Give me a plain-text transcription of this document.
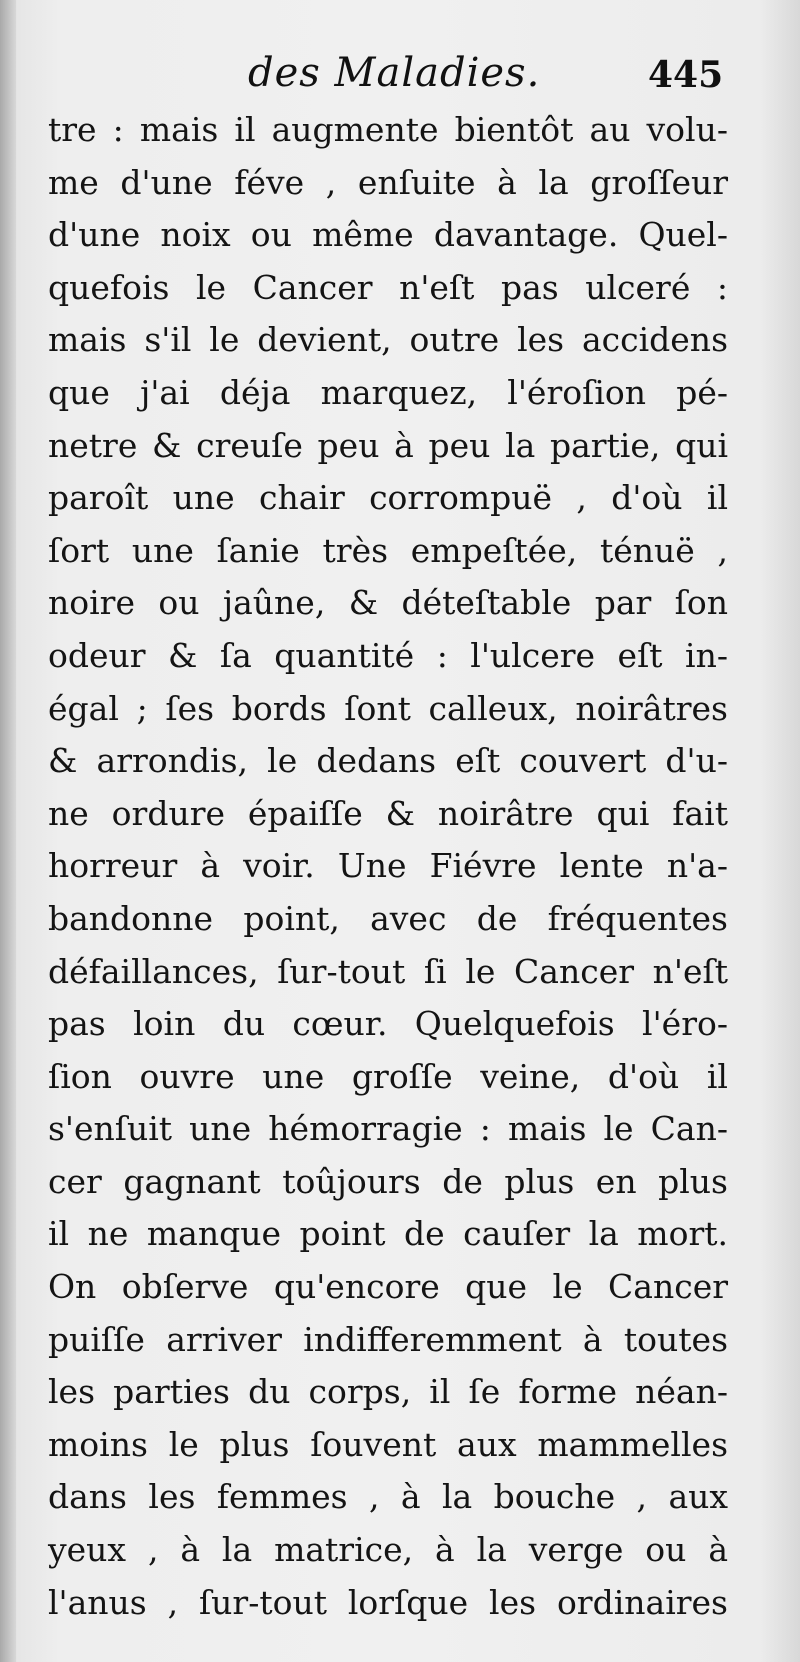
des Maladies.	445
tre : mais il augmente bientôt au volu-
me d'une féve , enſuite à la groſſeur
d'une noix ou même davantage. Quel-
quefois le Cancer n'eſt pas ulceré :
mais s'il le devient, outre les accidens
que j'ai déja marquez, l'éroſion pé-
netre & creuſe peu à peu la partie, qui
paroît une chair corrompuë , d'où il
ſort une ſanie très empeſtée, ténuë ,
noire ou jaûne, & déteſtable par ſon
odeur & ſa quantité : l'ulcere eſt in-
égal ; ſes bords ſont calleux, noirâtres
& arrondis, le dedans eſt couvert d'u-
ne ordure épaiſſe & noirâtre qui fait
horreur à voir. Une Fiévre lente n'a-
bandonne point, avec de fréquentes
défaillances, ſur-tout ſi le Cancer n'eſt
pas loin du cœur. Quelquefois l'éro-
ſion ouvre une groſſe veine, d'où il
s'enſuit une hémorragie : mais le Can-
cer gagnant toûjours de plus en plus
il ne manque point de cauſer la mort.
On obſerve qu'encore que le Cancer
puiſſe arriver indifferemment à toutes
les parties du corps, il ſe forme néan-
moins le plus ſouvent aux mammelles
dans les femmes , à la bouche , aux
yeux , à la matrice, à la verge ou à
l'anus , ſur-tout lorſque les ordinaires
